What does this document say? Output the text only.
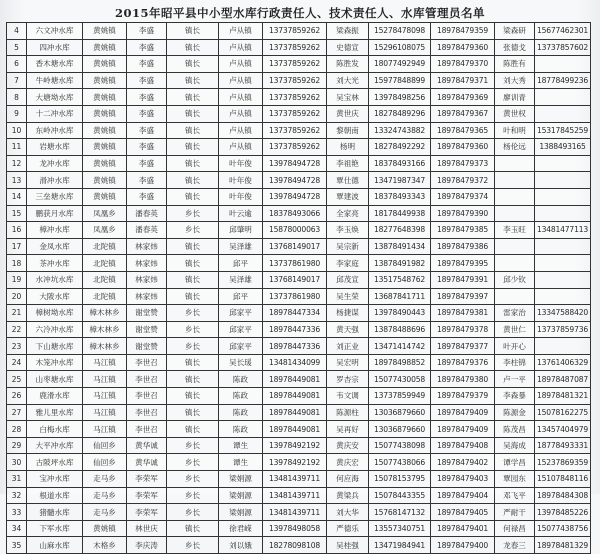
2015年昭平县中小型水库行政责任人、技术责任人、水库管理员名单
4	六文冲水库	黄姚镇	李盛	镇长	卢从镇	13737859262	梁森振	15278478098	18978479359	梁森研	15677462301
5	四冲水库	黄姚镇	李盛	镇长	卢从镇	13737859262	史德宣	15296108075	18978479360	张德戈	13737857602
6	香木塘水库	黄姚镇	李盛	镇长	卢从镇	13737859262	陈胜发	18077492949	18978479370	陈胜有	
7	牛岭塘水库	黄姚镇	李盛	镇长	卢从镇	13737859262	刘大光	15977848899	18978479371	刘大秀	18778499236
8	大塘坳水库	黄姚镇	李盛	镇长	卢从镇	13737859262	吴宝林	13978498256	18978479369	廖训青	
9	十二冲水库	黄姚镇	李盛	镇长	卢从镇	13737859262	黄世庆	18278489296	18978479367	黄世权	
10	东岭冲水库	黄姚镇	李盛	镇长	卢从镇	13737859262	黎朝南	13324743882	18978479365	叶和明	15317845259
11	岩塘水库	黄姚镇	李盛	镇长	卢从镇	13737859262	杨明	18278492292	18978479360	杨伦远	1388493165
12	龙冲水库	黄姚镇	李盛	镇长	叶年俊	13978494728	李祖艳	18378493166	18978479373		
13	滑冲水库	黄姚镇	李盛	镇长	叶年俊	13978494728	覃仕德	13471987347	18978479372		
14	三垒塘水库	黄姚镇	李盛	镇长	叶年俊	13978494728	覃建波	18378493343	18978479374		
15	鹏获月水库	凤凰乡	潘春英	乡长	叶云逾	18378493066	全家亮	18178449938	18978479390		
16	樟冲水库	凤凰乡	潘春英	乡长	邱肇明	15878000063	李玉焕	18277648398	18978479385	李玉旺	13481477113
17	金凤水库	北陀镇	林家炜	镇长	吴泽雄	13768149017	吴宗新	13878491434	18978479386		
18	茶冲水库	北陀镇	林家炜	镇长	邱平	13737861980	李家庭	13878491982	18978479395		
19	水冲坑水库	北陀镇	林家炜	镇长	吴泽雄	13768149017	邱茂宣	13517548762	18978479391	邱少钦	
20	大陂水库	北陀镇	林家炜	镇长	邱平	13737861980	吴生荣	13687841711	18978479397		
21	樟树坳水库	樟木林乡	谢堂赞	乡长	邱家平	18978447334	杨捷谋	13978490443	18978479381	雷家治	13347588420
22	六冷冲水库	樟木林乡	谢堂赞	乡长	邱家平	18978447336	黄天强	13878488696	18978479378	黄世仁	13737859736
23	下山塘水库	樟木林乡	谢堂赞	乡长	邱家平	18978447336	刘正业	13471414742	18978479377	叶开心	
24	木笼冲水库	马江镇	李世召	镇长	吴长瑗	13481434099	吴宏明	18978498852	18978479376	李柱锦	13761406329
25	山枣塘水库	马江镇	李世召	镇长	陈政	18978449081	罗杏宗	15077430058	18978479380	卢一平	18978487087
26	鹿滑水库	马江镇	李世召	镇长	陈政	18978449081	韦文调	13737859949	18978479379	李森暴	18978481321
27	雅儿里水库	马江镇	李世召	镇长	陈政	18978449081	陈源柱	13036879660	18978479409	陈源金	15078162275
28	白梅水库	马江镇	李世召	镇长	陈政	18978449081	吴再好	13036879660	18978479409	陈茂昌	13457404979
29	大平冲水库	仙回乡	黄华诚	乡长	谭生	13978492192	黄庆安	15077438098	18978479408	吴海成	18778493331
30	古陂坪水库	仙回乡	黄华诚	乡长	谭生	13978492192	黄庆宏	15077438066	18978479402	谭学昌	15237869359
31	宝冲水库	走马乡	李荣军	乡长	梁娟源	13481439711	何应海	15078153795	18978479403	覃园东	15107848116
32	根道水库	走马乡	李荣军	乡长	梁娟源	13481439711	黄梁兵	15078443355	18978479404	邓飞平	18978484308
33	猪髓水库	走马乡	李荣军	乡长	梁娟源	13481439711	刘大华	15768147132	18978479405	严耐干	13978485226
34	下军水库	黄姚镇	林世庆	镇长	徐君嵘	13978498058	严德乐	13557340751	18978479401	何禄昌	15077438756
35	山麻水库	木格乡	李庆涛	乡长	刘以娥	18278098108	吴桂强	13471984941	18978479400	龙春三	18978481329
